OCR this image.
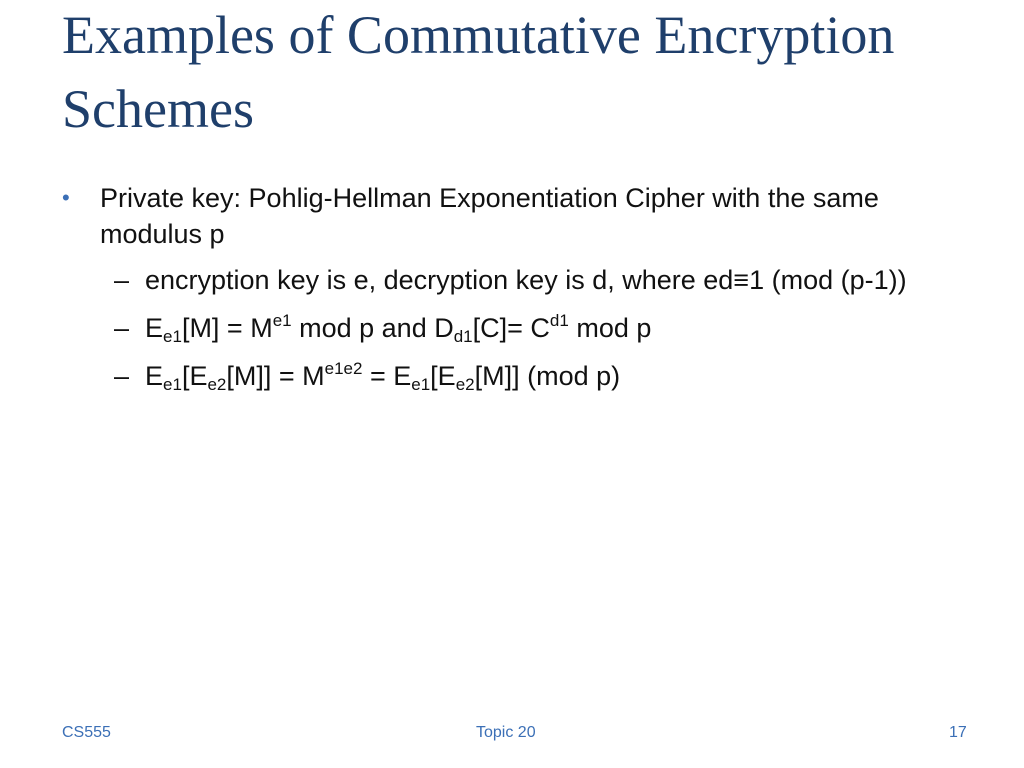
Examples of Commutative Encryption Schemes
• Private key: Pohlig-Hellman Exponentiation Cipher with the same modulus p
– encryption key is e, decryption key is d, where ed≡1 (mod (p-1))
– $E_{e1}[M] = M^{e1}$ mod p and $D_{d1}[C]= C^{d1}$ mod p
– $E_{e1}[E_{e2}[M]] = M^{e1e2} = E_{e1}[E_{e2}[M]]$ (mod p)
CS555	Topic 20	17
